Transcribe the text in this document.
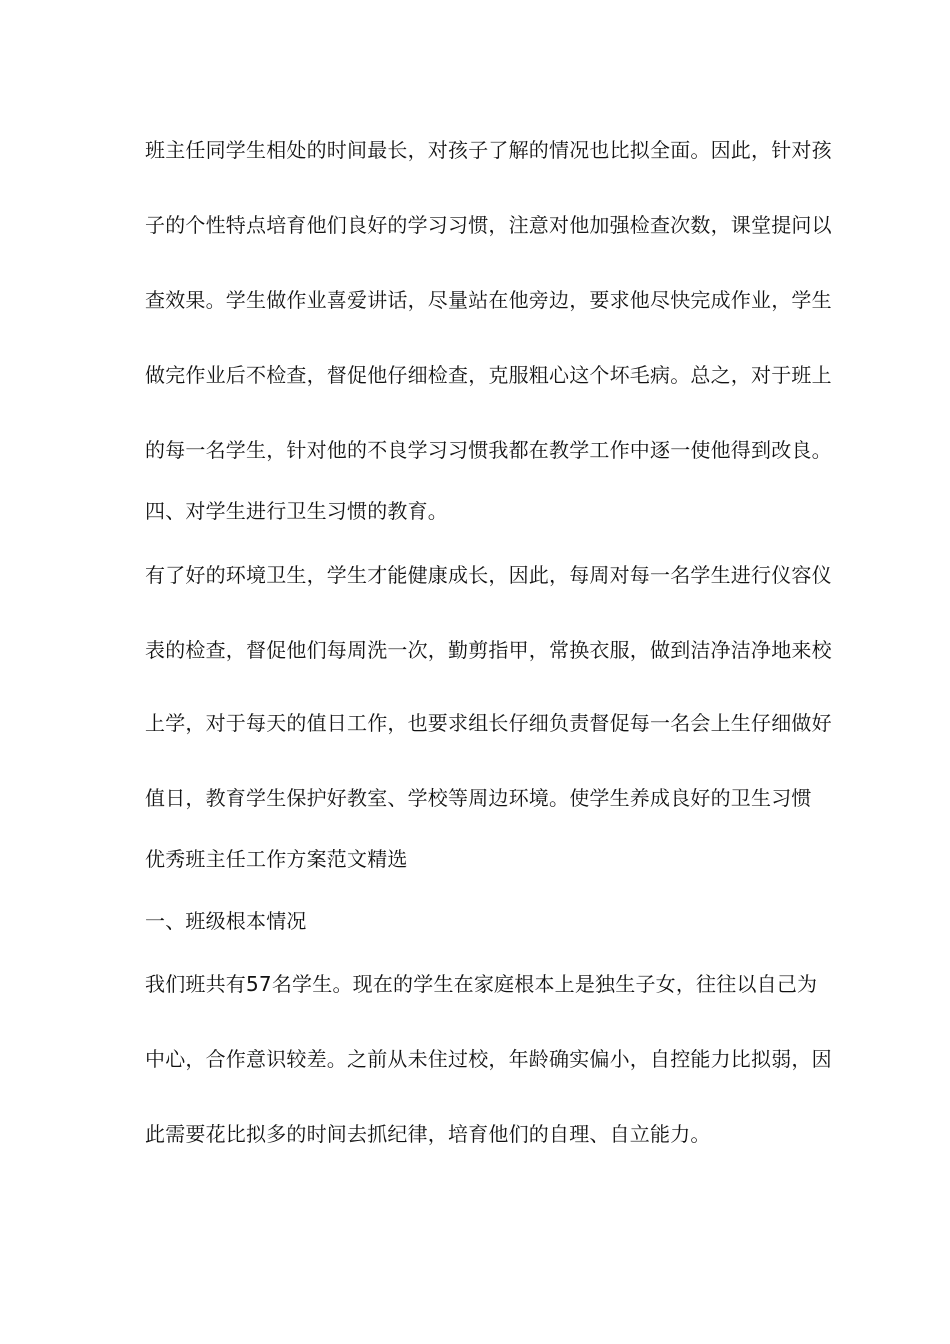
班主任同学生相处的时间最长，对孩子了解的情况也比拟全面。因此，针对孩
子的个性特点培育他们良好的学习习惯，注意对他加强检查次数，课堂提问以
查效果。学生做作业喜爱讲话，尽量站在他旁边，要求他尽快完成作业，学生
做完作业后不检查，督促他仔细检查，克服粗心这个坏毛病。总之，对于班上
的每一名学生，针对他的不良学习习惯我都在教学工作中逐一使他得到改良。
四、对学生进行卫生习惯的教育。
有了好的环境卫生，学生才能健康成长，因此，每周对每一名学生进行仪容仪
表的检查，督促他们每周洗一次，勤剪指甲，常换衣服，做到洁净洁净地来校
上学，对于每天的值日工作，也要求组长仔细负责督促每一名会上生仔细做好
值日，教育学生保护好教室、学校等周边环境。使学生养成良好的卫生习惯
优秀班主任工作方案范文精选
一、班级根本情况
我们班共有57名学生。现在的学生在家庭根本上是独生子女，往往以自己为
中心，合作意识较差。之前从未住过校，年龄确实偏小，自控能力比拟弱，因
此需要花比拟多的时间去抓纪律，培育他们的自理、自立能力。
